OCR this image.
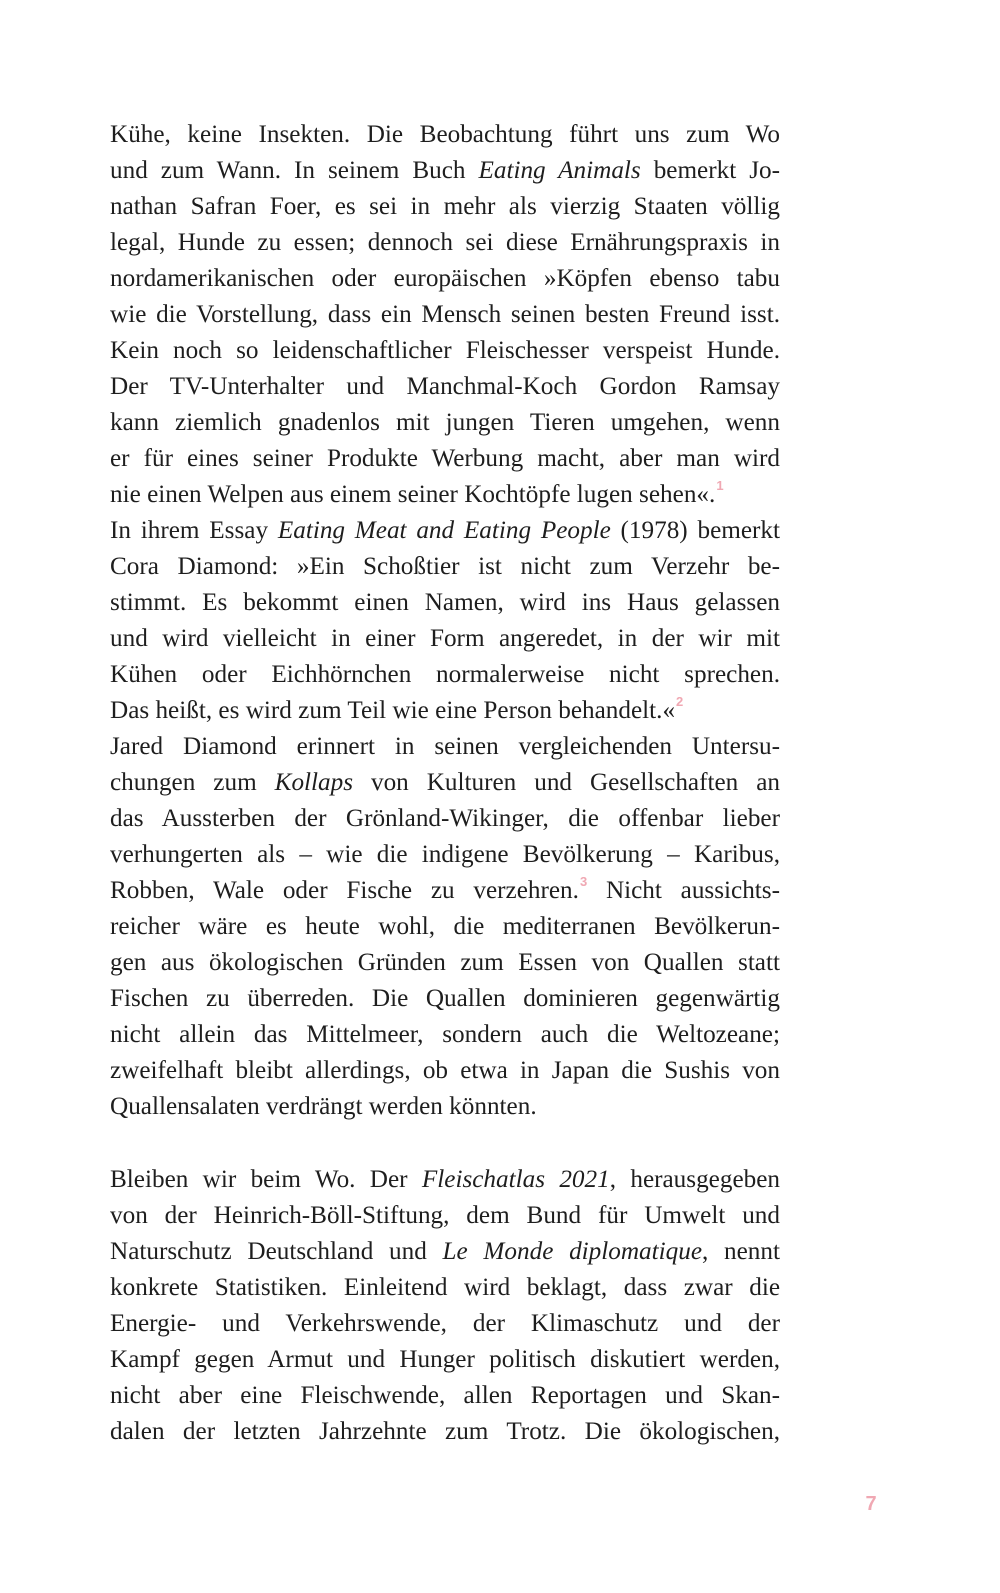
Kühe, keine Insekten. Die Beobachtung führt uns zum Wo
und zum Wann. In seinem Buch Eating Animals bemerkt Jo-
nathan Safran Foer, es sei in mehr als vierzig Staaten völlig
legal, Hunde zu essen; dennoch sei diese Ernährungspraxis in
nordamerikanischen oder europäischen »Köpfen ebenso tabu
wie die Vorstellung, dass ein Mensch seinen besten Freund isst.
Kein noch so leidenschaftlicher Fleischesser verspeist Hunde.
Der TV-Unterhalter und Manchmal-Koch Gordon Ramsay
kann ziemlich gnadenlos mit jungen Tieren umgehen, wenn
er für eines seiner Produkte Werbung macht, aber man wird
nie einen Welpen aus einem seiner Kochtöpfe lugen sehen«.$^1$
In ihrem Essay Eating Meat and Eating People (1978) bemerkt
Cora Diamond: »Ein Schoßtier ist nicht zum Verzehr be-
stimmt. Es bekommt einen Namen, wird ins Haus gelassen
und wird vielleicht in einer Form angeredet, in der wir mit
Kühen oder Eichhörnchen normalerweise nicht sprechen.
Das heißt, es wird zum Teil wie eine Person behandelt.«$^2$
Jared Diamond erinnert in seinen vergleichenden Untersu-
chungen zum Kollaps von Kulturen und Gesellschaften an
das Aussterben der Grönland-Wikinger, die offenbar lieber
verhungerten als – wie die indigene Bevölkerung – Karibus,
Robben, Wale oder Fische zu verzehren.$^3$ Nicht aussichts-
reicher wäre es heute wohl, die mediterranen Bevölkerun-
gen aus ökologischen Gründen zum Essen von Quallen statt
Fischen zu überreden. Die Quallen dominieren gegenwärtig
nicht allein das Mittelmeer, sondern auch die Weltozeane;
zweifelhaft bleibt allerdings, ob etwa in Japan die Sushis von
Quallensalaten verdrängt werden könnten.
Bleiben wir beim Wo. Der Fleischatlas 2021, herausgegeben
von der Heinrich-Böll-Stiftung, dem Bund für Umwelt und
Naturschutz Deutschland und Le Monde diplomatique, nennt
konkrete Statistiken. Einleitend wird beklagt, dass zwar die
Energie- und Verkehrswende, der Klimaschutz und der
Kampf gegen Armut und Hunger politisch diskutiert werden,
nicht aber eine Fleischwende, allen Reportagen und Skan-
dalen der letzten Jahrzehnte zum Trotz. Die ökologischen,
7
